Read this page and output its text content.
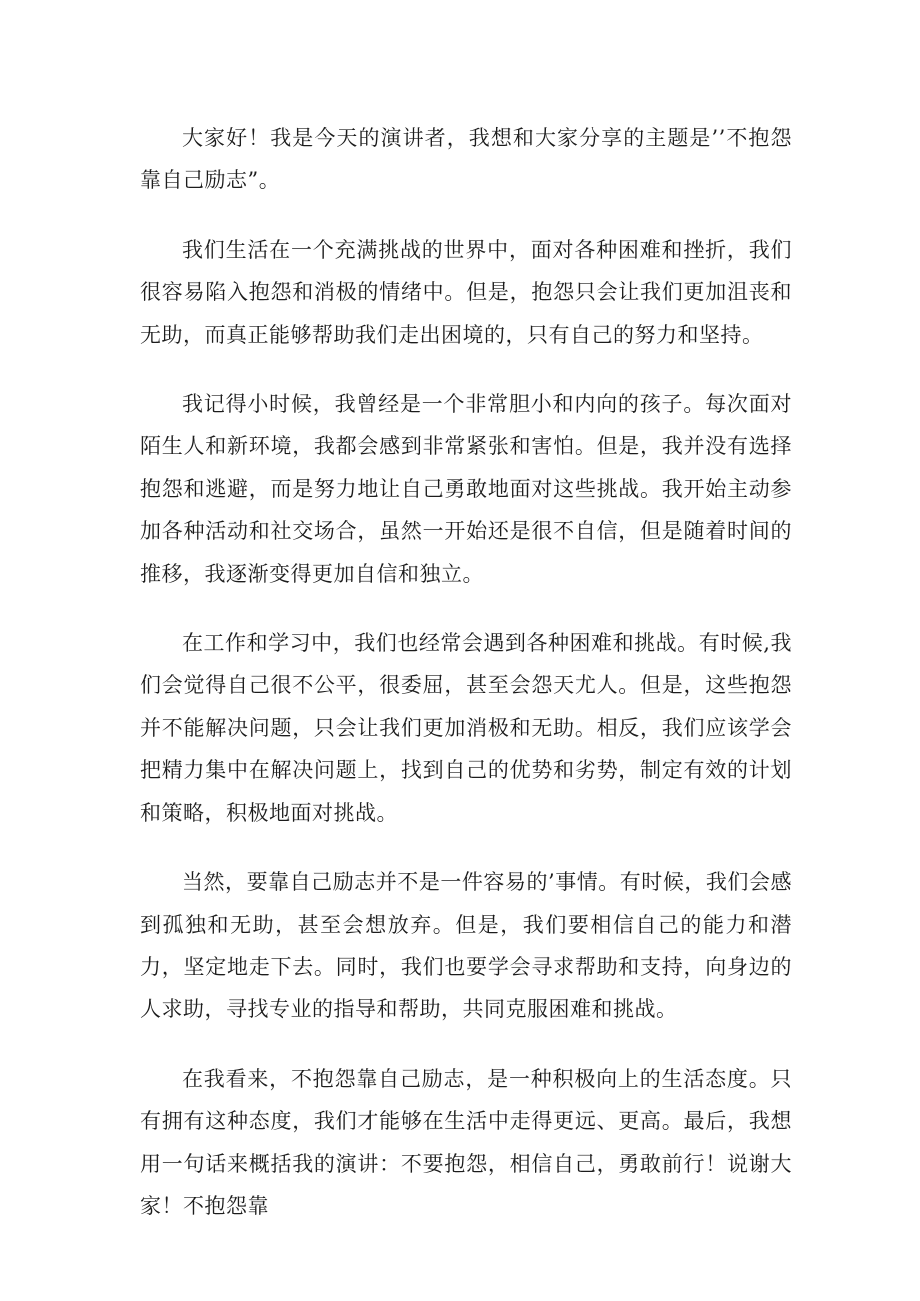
大家好！我是今天的演讲者，我想和大家分享的主题是’’不抱怨靠自己励志”。

我们生活在一个充满挑战的世界中，面对各种困难和挫折，我们很容易陷入抱怨和消极的情绪中。但是，抱怨只会让我们更加沮丧和无助，而真正能够帮助我们走出困境的，只有自己的努力和坚持。

我记得小时候，我曾经是一个非常胆小和内向的孩子。每次面对陌生人和新环境，我都会感到非常紧张和害怕。但是，我并没有选择抱怨和逃避，而是努力地让自己勇敢地面对这些挑战。我开始主动参加各种活动和社交场合，虽然一开始还是很不自信，但是随着时间的推移，我逐渐变得更加自信和独立。

在工作和学习中，我们也经常会遇到各种困难和挑战。有时候,我们会觉得自己很不公平，很委屈，甚至会怨天尤人。但是，这些抱怨并不能解决问题，只会让我们更加消极和无助。相反，我们应该学会把精力集中在解决问题上，找到自己的优势和劣势，制定有效的计划和策略，积极地面对挑战。

当然，要靠自己励志并不是一件容易的’事情。有时候，我们会感到孤独和无助，甚至会想放弃。但是，我们要相信自己的能力和潜力，坚定地走下去。同时，我们也要学会寻求帮助和支持，向身边的人求助，寻找专业的指导和帮助，共同克服困难和挑战。

在我看来，不抱怨靠自己励志，是一种积极向上的生活态度。只有拥有这种态度，我们才能够在生活中走得更远、更高。最后，我想用一句话来概括我的演讲：不要抱怨，相信自己，勇敢前行！说谢大家！不抱怨靠
